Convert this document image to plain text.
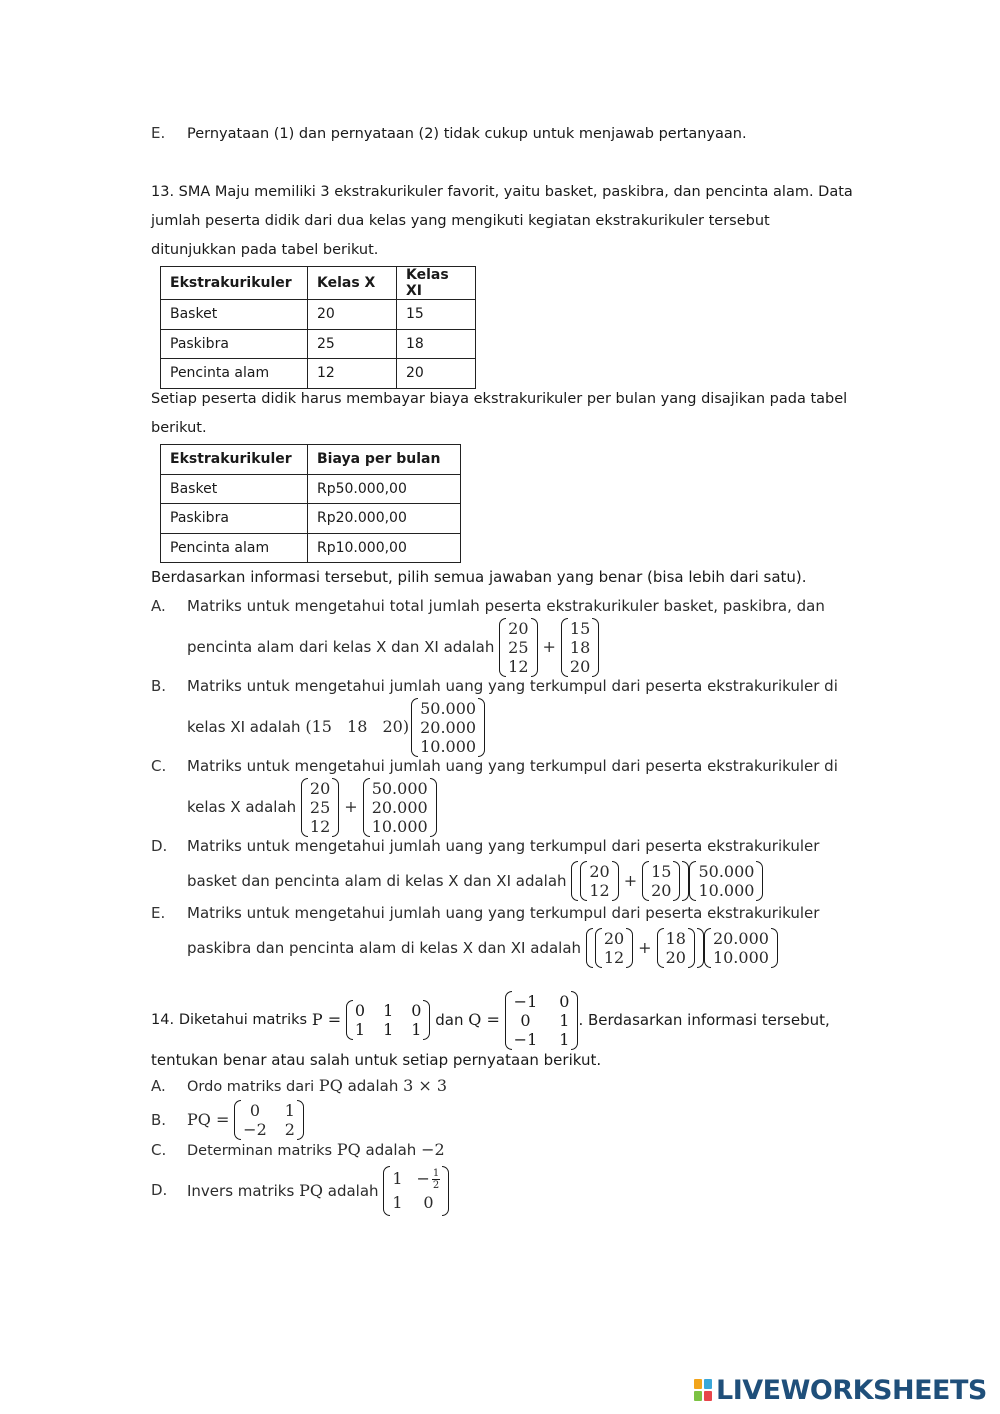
E. Pernyataan (1) dan pernyataan (2) tidak cukup untuk menjawab pertanyaan.
13. SMA Maju memiliki 3 ekstrakurikuler favorit, yaitu basket, paskibra, dan pencinta alam. Data
jumlah peserta didik dari dua kelas yang mengikuti kegiatan ekstrakurikuler tersebut
ditunjukkan pada tabel berikut.
Ekstrakurikuler	Kelas X	Kelas XI
Basket	20	15
Paskibra	25	18
Pencinta alam	12	20
Setiap peserta didik harus membayar biaya ekstrakurikuler per bulan yang disajikan pada tabel
berikut.
Ekstrakurikuler	Biaya per bulan
Basket	Rp50.000,00
Paskibra	Rp20.000,00
Pencinta alam	Rp10.000,00
Berdasarkan informasi tersebut, pilih semua jawaban yang benar (bisa lebih dari satu).
A. Matriks untuk mengetahui total jumlah peserta ekstrakurikuler basket, paskibra, dan
pencinta alam dari kelas X dan XI adalah

20
25
12
+
15
18
20
B. Matriks untuk mengetahui jumlah uang yang terkumpul dari peserta ekstrakurikuler di
kelas XI adalah
(15 18 20)
50.000
20.000
10.000
C. Matriks untuk mengetahui jumlah uang yang terkumpul dari peserta ekstrakurikuler di
kelas X adalah

20
25
12
+
50.000
20.000
10.000
D. Matriks untuk mengetahui jumlah uang yang terkumpul dari peserta ekstrakurikuler
basket dan pencinta alam di kelas X dan XI adalah
20
12
+ 15
20
50.000
10.000
E. Matriks untuk mengetahui jumlah uang yang terkumpul dari peserta ekstrakurikuler
paskibra dan pencinta alam di kelas X dan XI adalah
20
12
+ 18
20
20.000
10.000
14.
Diketahui matriks
P =
0 1 0
1 1 1
dan
Q =

−1 0
0 1
−1 1
. Berdasarkan informasi tersebut,
tentukan benar atau salah untuk setiap pernyataan berikut.
A. Ordo matriks dari PQ adalah 3 × 3
B. PQ =
0 1
−2 2
C. Determinan matriks PQ adalah −2
D. Invers matriks
PQ
adalah

$1 - \frac{1}{2}$
1 0
LIVEWORKSHEETS
